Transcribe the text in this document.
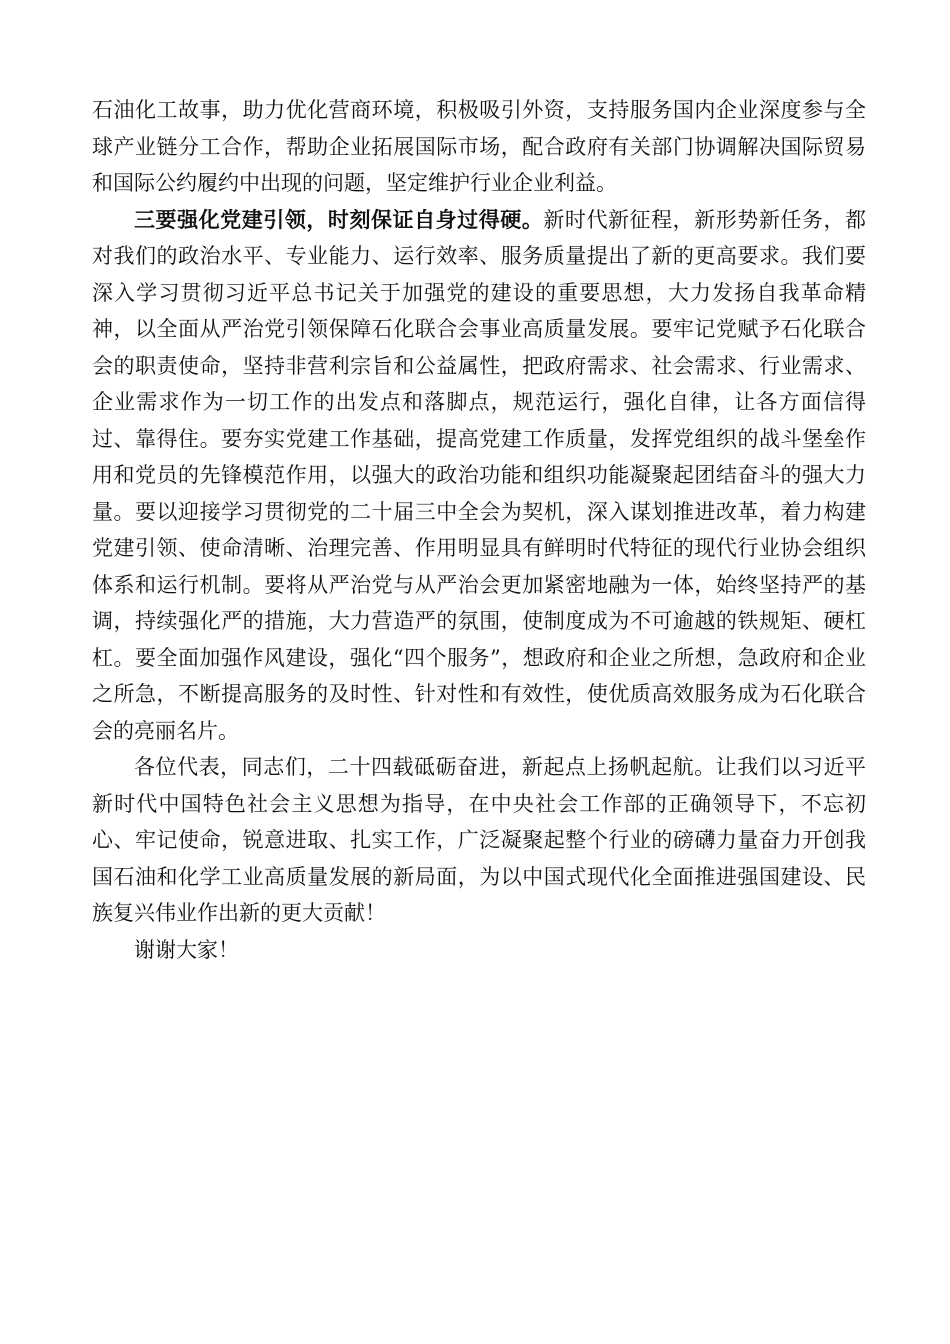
石油化工故事，助力优化营商环境，积极吸引外资，支持服务国内企业深度参与全球产业链分工合作，帮助企业拓展国际市场，配合政府有关部门协调解决国际贸易和国际公约履约中出现的问题，坚定维护行业企业利益。

三要强化党建引领，时刻保证自身过得硬。新时代新征程，新形势新任务，都对我们的政治水平、专业能力、运行效率、服务质量提出了新的更高要求。我们要深入学习贯彻习近平总书记关于加强党的建设的重要思想，大力发扬自我革命精神，以全面从严治党引领保障石化联合会事业高质量发展。要牢记党赋予石化联合会的职责使命，坚持非营利宗旨和公益属性，把政府需求、社会需求、行业需求、企业需求作为一切工作的出发点和落脚点，规范运行，强化自律，让各方面信得过、靠得住。要夯实党建工作基础，提高党建工作质量，发挥党组织的战斗堡垒作用和党员的先锋模范作用，以强大的政治功能和组织功能凝聚起团结奋斗的强大力量。要以迎接学习贯彻党的二十届三中全会为契机，深入谋划推进改革，着力构建党建引领、使命清晰、治理完善、作用明显具有鲜明时代特征的现代行业协会组织体系和运行机制。要将从严治党与从严治会更加紧密地融为一体，始终坚持严的基调，持续强化严的措施，大力营造严的氛围，使制度成为不可逾越的铁规矩、硬杠杠。要全面加强作风建设，强化“四个服务”，想政府和企业之所想，急政府和企业之所急，不断提高服务的及时性、针对性和有效性，使优质高效服务成为石化联合会的亮丽名片。

各位代表，同志们，二十四载砥砺奋进，新起点上扬帆起航。让我们以习近平新时代中国特色社会主义思想为指导，在中央社会工作部的正确领导下，不忘初心、牢记使命，锐意进取、扎实工作，广泛凝聚起整个行业的磅礴力量奋力开创我国石油和化学工业高质量发展的新局面，为以中国式现代化全面推进强国建设、民族复兴伟业作出新的更大贡献！

谢谢大家！
